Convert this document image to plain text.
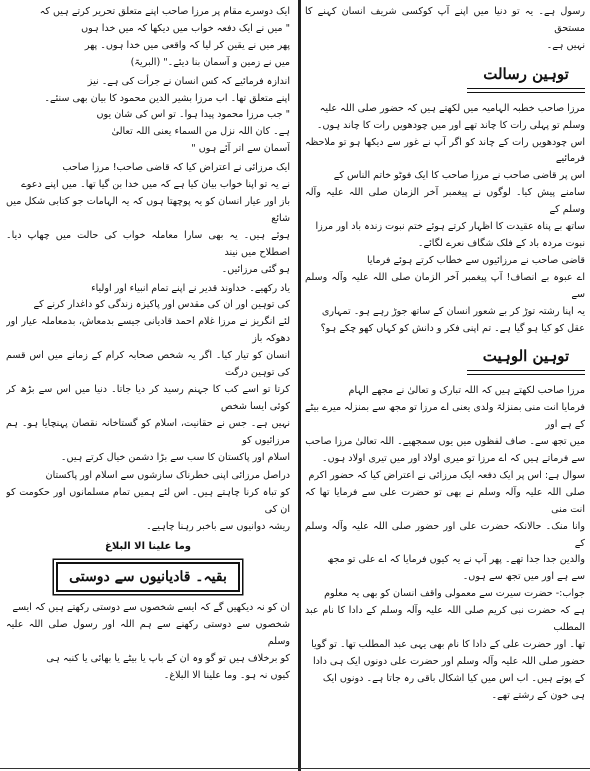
رسول ہے۔ یہ تو دنیا میں اپنے آپ کوکسی شریف انسان کہنے کا مستحق
نہیں ہے۔

توہین رسالت

مرزا صاحب خطبہ الہامیہ میں لکھتے ہیں کہ حضور صلی اللہ علیہ
وسلم تو پہلی رات کا چاند تھے اور میں چودھویں رات کا چاند ہوں۔
اس چودھویں رات کے چاند کو اگر آپ نے غور سے دیکھا ہو تو ملاحظہ فرمائیے
اس پر قاضی صاحب نے مرزا صاحب کا ایک فوٹو خاتم الناس کے
سامنے پیش کیا۔ لوگوں نے پیغمبر آخر الزمان صلی اللہ علیہ وآلہ وسلم کے
ساتھ بے پناہ عقیدت کا اظہار کرتے ہوئے ختم نبوت زندہ باد اور مرزا
نبوت مردہ باد کے فلک شگاف نعرے لگائے۔
قاضی صاحب نے مرزائیوں سے خطاب کرتے ہوئے فرمایا
اے عبوہ بے انصاف! آپ پیغمبر آخر الزمان صلی اللہ علیہ وآلہ وسلم سے
یہ اپنا رشتہ توڑ کر بے شعور انسان کے ساتھ جوڑ رہے ہو۔ تمہاری
عقل کو کیا ہو گیا ہے۔ تم اپنی فکر و دانش کو کہاں کھو چکے ہو؟

توہین الوہیت

مرزا صاحب لکھتے ہیں کہ اللہ تبارک و تعالیٰ نے مجھے الہام
فرمایا انت منی بمنزلۃ ولدی یعنی اے مرزا تو مجھ سے بمنزلہ میرے بیٹے کے ہے اور
میں تجھ سے۔ صاف لفظوں میں یوں سمجھیے۔ اللہ تعالیٰ مرزا صاحب
سے فرماتے ہیں کہ اے مرزا تو میری اولاد اور میں تیری اولاد ہوں۔
سوال ہے: اس پر ایک دفعہ ایک مرزائی نے اعتراض کیا کہ حضور اکرم
صلی اللہ علیہ وآلہ وسلم نے بھی تو حضرت علی سے فرمایا تھا کہ انت منی
وانا منک۔ حالانکہ حضرت علی اور حضور صلی اللہ علیہ وآلہ وسلم کے
والدین جدا جدا تھے۔ پھر آپ نے یہ کیوں فرمایا کہ اے علی تو مجھ
سے ہے اور میں تجھ سے ہوں۔
جواب:- حضرت سیرت سے معمولی واقف انسان کو بھی یہ معلوم
ہے کہ حضرت نبی کریم صلی اللہ علیہ وآلہ وسلم کے دادا کا نام عبد المطلب
تھا۔ اور حضرت علی کے دادا کا نام بھی یہی عبد المطلب تھا۔ تو گویا
حضور صلی اللہ علیہ وآلہ وسلم اور حضرت علی دونوں ایک ہی دادا
کے پوتے ہیں۔ اب اس میں کیا اشکال باقی رہ جاتا ہے۔ دونوں ایک
ہی خون کے رشتے تھے۔

ایک دوسرے مقام پر مرزا صاحب اپنے متعلق تحریر کرتے ہیں کہ
" میں نے ایک دفعہ خواب میں دیکھا کہ میں خدا ہوں
پھر میں نے یقین کر لیا کہ واقعی میں خدا ہوں۔ پھر
میں نے زمین و آسمان بنا دیئے۔" (البریۃ)

اندازہ فرمائیے کہ کس انسان نے جرأت کی ہے۔ نیز
اپنے متعلق تھا۔ اب مرزا بشیر الدین محمود کا بیان بھی سنئے۔
" جب مرزا محمود پیدا ہوا۔ تو اس کی شان یوں
ہے۔ کان اللہ نزل من السماء یعنی اللہ تعالیٰ
آسمان سے اتر آئے ہوں "

ایک مرزائی نے اعتراض کیا کہ قاضی صاحب! مرزا صاحب
نے یہ تو اپنا خواب بیان کیا ہے کہ میں خدا بن گیا تھا۔ میں اپنے دعوے
باز اور عیار انسان کو یہ پوچھتا ہوں کہ یہ الہامات جو کتابی شکل میں شائع
ہوئے ہیں۔ یہ بھی سارا معاملہ خواب کی حالت میں چھاپ دیا۔ اصطلاح میں نیند
ہو گئی مرزائیں۔

یاد رکھیے۔ خداوند قدیر نے اپنے تمام انبیاء اور اولیاء
کی توہین اور ان کی مقدس اور پاکیزہ زندگی کو داغدار کرنے کے
لئے انگریز نے مرزا غلام احمد قادیانی جیسے بدمعاش، بدمعاملہ عیار اور دھوکہ باز
انسان کو تیار کیا۔ اگر یہ شخص صحابہ کرام کے زمانے میں اس قسم کی توہین درگت
کرتا تو اسے کب کا جہنم رسید کر دیا جاتا۔ دنیا میں اس سے بڑھ کر کوئی ایسا شخص
نہیں ہے۔ جس نے حقانیت، اسلام کو گستاخانہ نقصان پہنچایا ہو۔ ہم مرزائیوں کو
اسلام اور پاکستان کا سب سے بڑا دشمن خیال کرتے ہیں۔

دراصل مرزائی اپنی خطرناک سازشوں سے اسلام اور پاکستان
کو تباہ کرنا چاہتے ہیں۔ اس لئے ہمیں تمام مسلمانوں اور حکومت کو ان کی
ریشہ دوانیوں سے باخبر رہنا چاہیے۔

وما علینا الا البلاغ
بقیہ۔ قادیانیوں سے دوستی

ان کو نہ دیکھیں گے کہ ایسے شخصوں سے دوستی رکھتے ہیں کہ ایسے
شخصوں سے دوستی رکھنے سے ہم اللہ اور رسول صلی اللہ علیہ وسلم
کو برخلاف ہیں تو گو وہ ان کے باپ یا بیٹے یا بھائی یا کنبہ ہی
کیوں نہ ہو۔ وما علینا الا البلاغ۔
